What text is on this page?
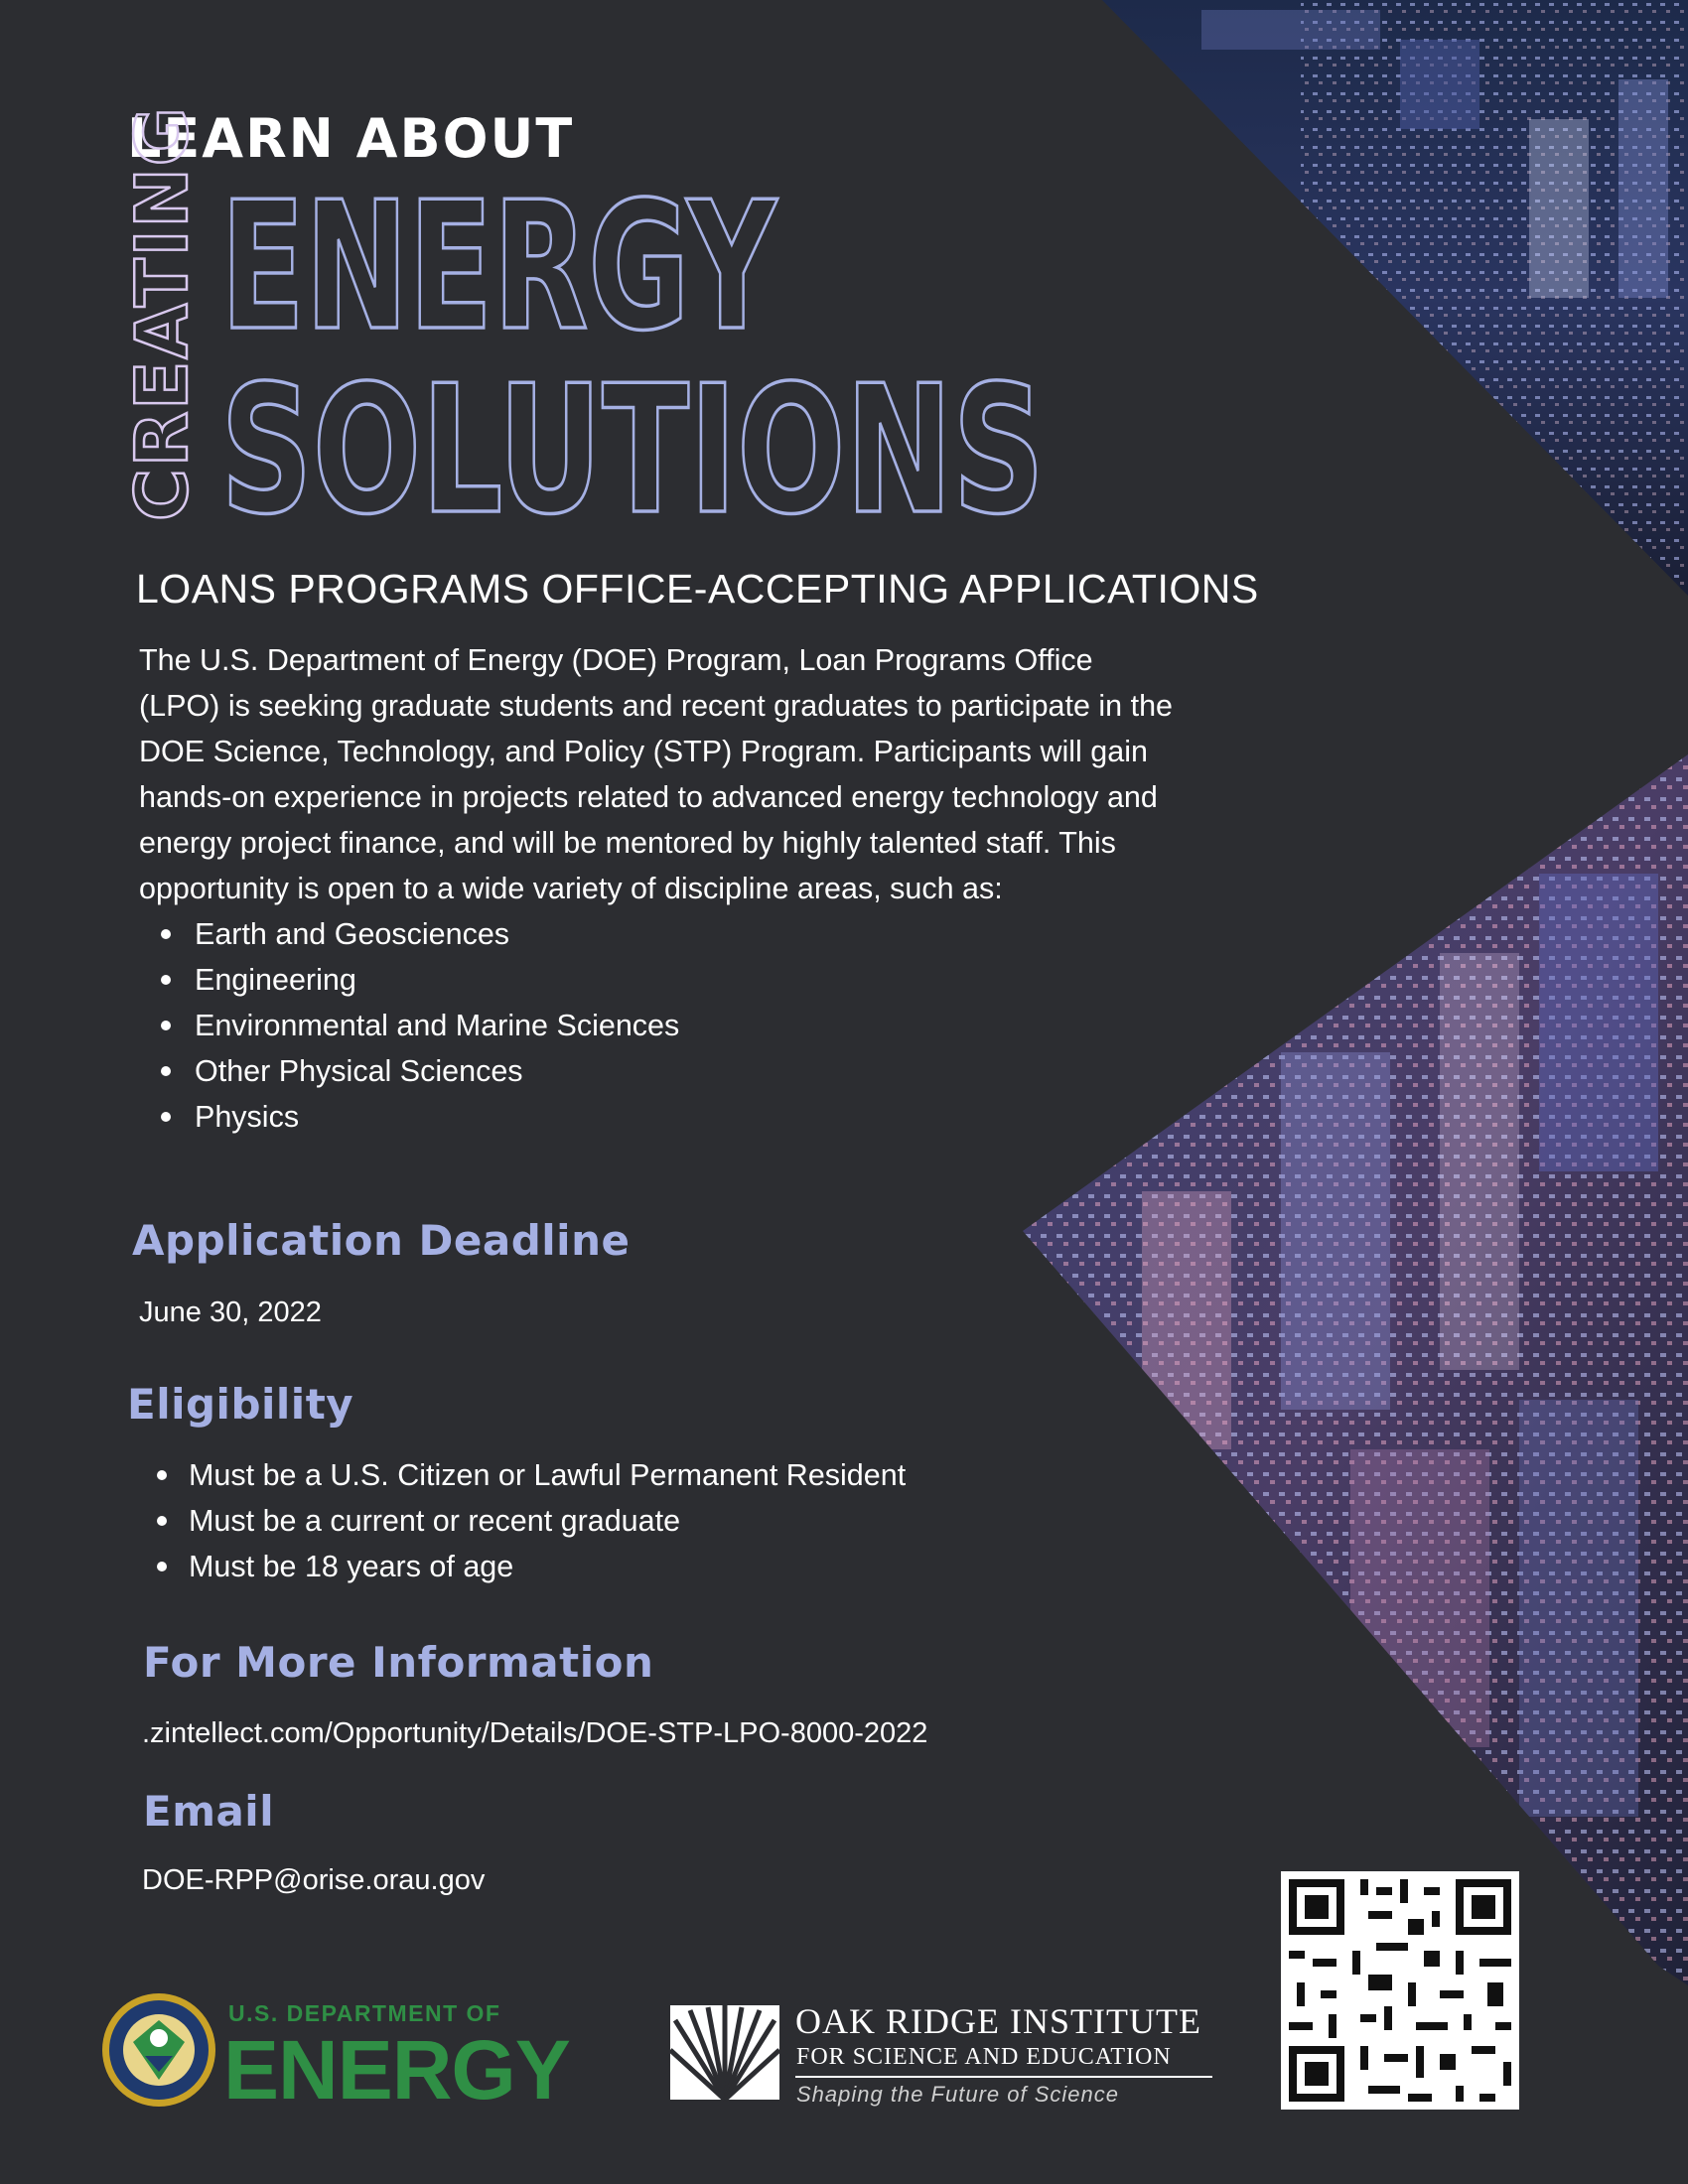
LEARN ABOUT
CREATING ENERGY
SOLUTIONS
LOANS PROGRAMS OFFICE-ACCEPTING APPLICATIONS

The U.S. Department of Energy (DOE) Program, Loan Programs Office (LPO) is seeking graduate students and recent graduates to participate in the DOE Science, Technology, and Policy (STP) Program. Participants will gain hands-on experience in projects related to advanced energy technology and energy project finance, and will be mentored by highly talented staff. This opportunity is open to a wide variety of discipline areas, such as:

Earth and Geosciences
Engineering
Environmental and Marine Sciences
Other Physical Sciences
Physics
Application Deadline
June 30, 2022
Eligibility
Must be a U.S. Citizen or Lawful Permanent Resident
Must be a current or recent graduate
Must be 18 years of age
For More Information
.zintellect.com/Opportunity/Details/DOE-STP-LPO-8000-2022
Email
DOE-RPP@orise.orau.gov
U.S. DEPARTMENT OF
ENERGY
OAK RIDGE INSTITUTE
FOR SCIENCE AND EDUCATION
Shaping the Future of Science
